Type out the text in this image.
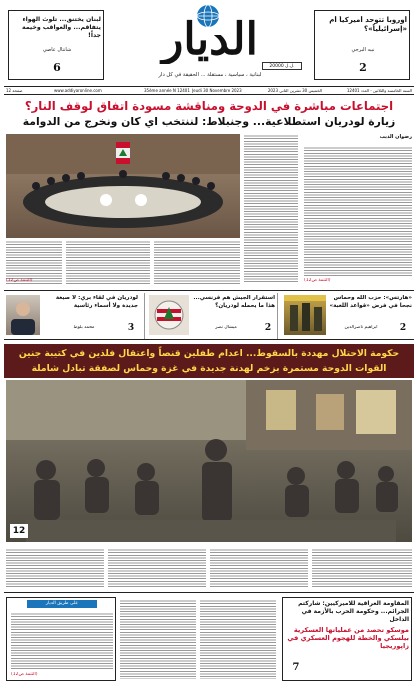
لبنان يختنق... تلوث الهواء يتفاقم... والعواقب وخيمة جداً!
شانتال عاصي
6
الديار
لبنانية ، سياسية ، مستقلة ... الحقيقة في كل دار
20000 ل.ل.
أوروبا تتوحد أميركياً أم «إسرائيلياً»؟
نبيه البرجي
2
12 صفحة	www.addiyaronline.com	35ème année N 12401 Jeudi 30 Novembre 2023	الخميس 30 تشرين الثاني 2023	السنة الخامسة والثلاثين - العدد 12401
اجتماعات مباشرة في الدوحة ومناقشة مسودة اتفاق لوقف النار؟
زيارة لودريان استطلاعية... وجنبلاط: لننتخب اي كان ونخرج من الدوامة
رضوان الذيب
(التتمة ص12)
(التتمة ص12)
لودريان في لقاء بري: لا صيغة جديدة ولا أسماء رئاسية
محمد بلوط	3
استقرار الجيش هم فرنسي... هذا ما يحمله لودريان؟
ميشال نصر	2
«هارتس»: حزب الله وحماس نجحا في فرض «قواعد اللعبة»
ابراهيم ناصرالدين	2
حكومة الاحتلال مهددة بالسقوط... اعدام طفلين قنصاً واعتقال فلذين في كتيبة جنين
القوات الدوحة مستمرة بزخم لهدنة جديدة في غزة وحماس لصفقة تبادل شاملة
12
على طريق الديار
(التتمة ص12)
المقاومة العراقية للاميركيين: شاركتم الجرائم... وحكومة الحرب بالأزمة في الداخل
موسكو تحصد من عملياتها العسكرية بيلسكي والخطة للهجوم العسكري في زاپوريجيا
7
